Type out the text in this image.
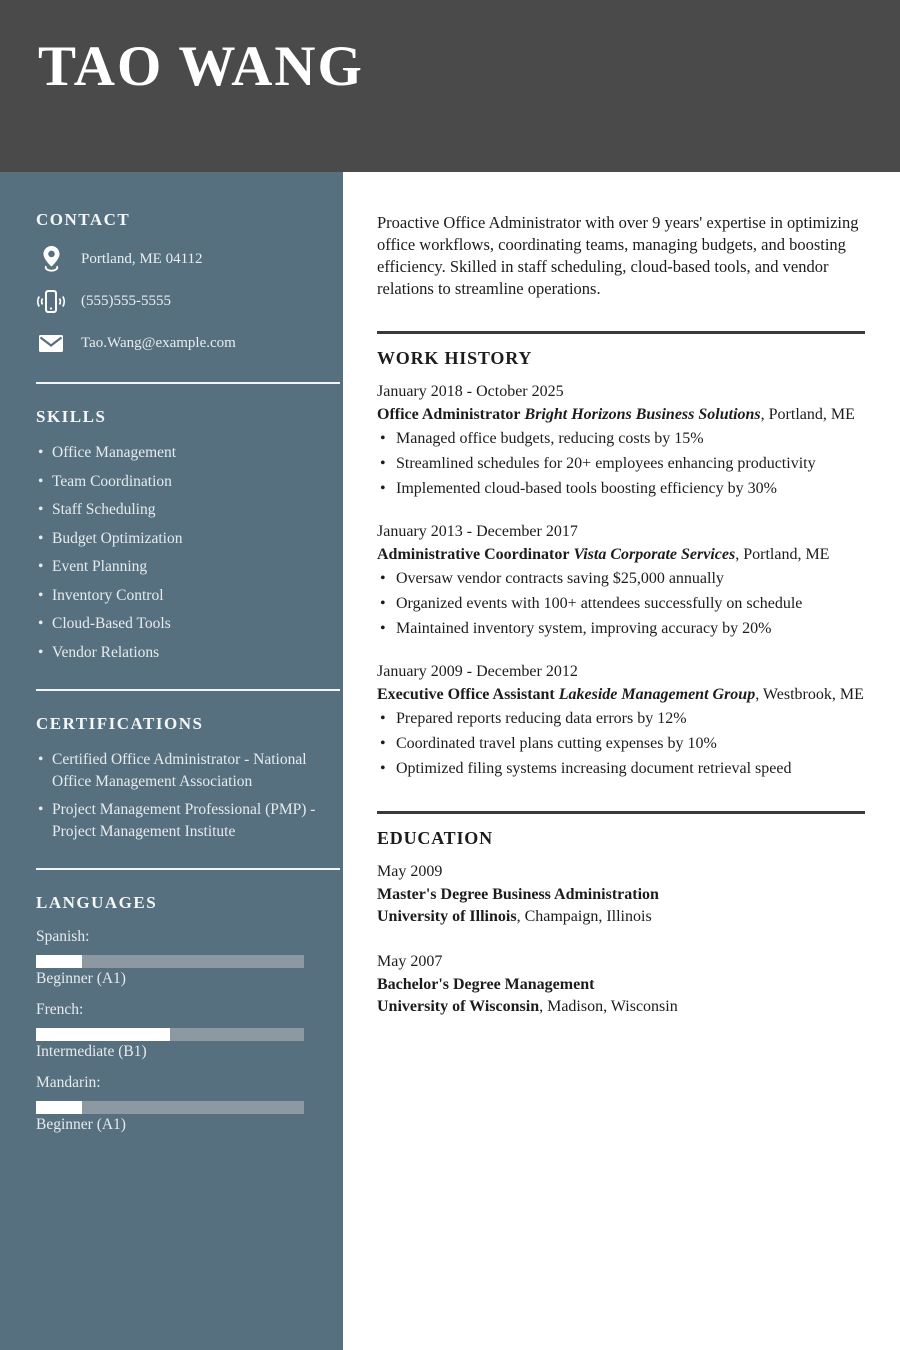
TAO WANG
CONTACT
Portland, ME 04112
(555)555-5555
Tao.Wang@example.com
SKILLS
• Office Management
• Team Coordination
• Staff Scheduling
• Budget Optimization
• Event Planning
• Inventory Control
• Cloud-Based Tools
• Vendor Relations
CERTIFICATIONS
• Certified Office Administrator - National Office Management Association
• Project Management Professional (PMP) - Project Management Institute
LANGUAGES
Spanish:
Beginner (A1)
French:
Intermediate (B1)
Mandarin:
Beginner (A1)

Proactive Office Administrator with over 9 years' expertise in optimizing office workflows, coordinating teams, managing budgets, and boosting efficiency. Skilled in staff scheduling, cloud-based tools, and vendor relations to streamline operations.

WORK HISTORY
January 2018 - October 2025
Office Administrator Bright Horizons Business Solutions, Portland, ME
• Managed office budgets, reducing costs by 15%
• Streamlined schedules for 20+ employees enhancing productivity
• Implemented cloud-based tools boosting efficiency by 30%
January 2013 - December 2017
Administrative Coordinator Vista Corporate Services, Portland, ME
• Oversaw vendor contracts saving $25,000 annually
• Organized events with 100+ attendees successfully on schedule
• Maintained inventory system, improving accuracy by 20%
January 2009 - December 2012
Executive Office Assistant Lakeside Management Group, Westbrook, ME
• Prepared reports reducing data errors by 12%
• Coordinated travel plans cutting expenses by 10%
• Optimized filing systems increasing document retrieval speed
EDUCATION
May 2009
Master's Degree Business Administration
University of Illinois, Champaign, Illinois
May 2007
Bachelor's Degree Management
University of Wisconsin, Madison, Wisconsin
